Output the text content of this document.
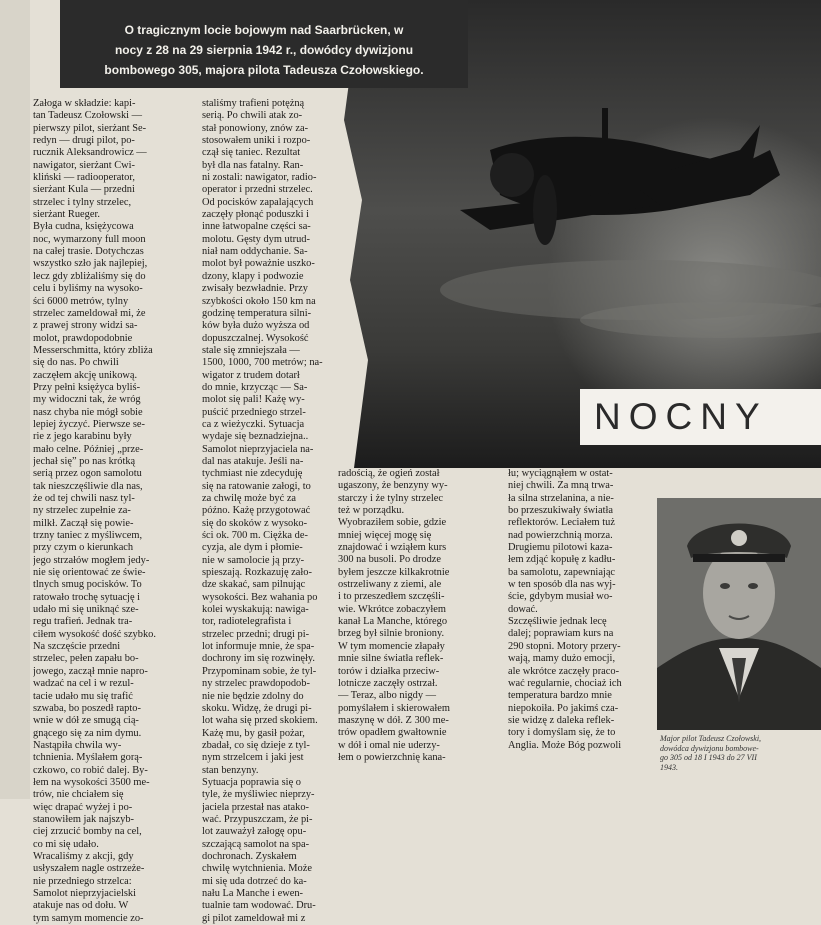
O tragicznym locie bojowym nad Saarbrücken, w
nocy z 28 na 29 sierpnia 1942 r., dowódcy dywizjonu
bombowego 305, majora pilota Tadeusza Czołowskiego.
NOCNY
Major pilot Tadeusz Czołowski,
dowódca dywizjonu bombowe-
go 305 od 18 I 1943 do 27 VII
1943.

Załoga w składzie: kapi-

tan Tadeusz Czołowski —

pierwszy pilot, sierżant Se-

redyn — drugi pilot, po-

rucznik Aleksandrowicz —

nawigator, sierżant Ćwi-

kliński — radiooperator,

sierżant Kula — przedni

strzelec i tylny strzelec,

sierżant Rueger.

Była cudna, księżycowa

noc, wymarzony full moon

na całej trasie. Dotychczas

wszystko szło jak najlepiej,

lecz gdy zbliżaliśmy się do

celu i byliśmy na wysoko-

ści 6000 metrów, tylny

strzelec zameldował mi, że

z prawej strony widzi sa-

molot, prawdopodobnie

Messerschmitta, który zbliża

się do nas. Po chwili

zaczęłem akcję unikową.

Przy pełni księżyca byliś-

my widoczni tak, że wróg

nasz chyba nie mógł sobie

lepiej życzyć. Pierwsze se-

rie z jego karabinu były

mało celne. Później „prze-

jechał się” po nas krótką

serią przez ogon samolotu

tak nieszczęśliwie dla nas,

że od tej chwili nasz tyl-

ny strzelec zupełnie za-

milkł. Zaczął się powie-

trzny taniec z myśliwcem,

przy czym o kierunkach

jego strzałów mogłem jedy-

nie się orientować ze świe-

tlnych smug pocisków. To

ratowało trochę sytuację i

udało mi się uniknąć sze-

regu trafień. Jednak tra-

ciłem wysokość dość szybko.

Na szczęście przedni

strzelec, pełen zapału bo-

jowego, zaczął mnie napro-

wadzać na cel i w rezul-

tacie udało mu się trafić

szwaba, bo poszedł rapto-

wnie w dół ze smugą cią-

gnącego się za nim dymu.

Nastąpiła chwila wy-

tchnienia. Myślałem gorą-

czkowo, co robić dalej. By-

łem na wysokości 3500 me-

trów, nie chciałem się

więc drapać wyżej i po-

stanowiłem jak najszyb-

ciej zrzucić bomby na cel,

co mi się udało.

Wracaliśmy z akcji, gdy

usłyszałem nagle ostrzeże-

nie przedniego strzelca:

Samolot nieprzyjacielski

atakuje nas od dołu. W

tym samym momencie zo-

staliśmy trafieni potężną

serią. Po chwili atak zo-

stał ponowiony, znów za-

stosowałem uniki i rozpo-

czął się taniec. Rezultat

był dla nas fatalny. Ran-

ni zostali: nawigator, radio-

operator i przedni strzelec.

Od pocisków zapalających

zaczęły płonąć poduszki i

inne łatwopalne części sa-

molotu. Gęsty dym utrud-

niał nam oddychanie. Sa-

molot był poważnie uszko-

dzony, klapy i podwozie

zwisały bezwładnie. Przy

szybkości około 150 km na

godzinę temperatura silni-

ków była dużo wyższa od

dopuszczalnej. Wysokość

stale się zmniejszała —

1500, 1000, 700 metrów; na-

wigator z trudem dotarł

do mnie, krzycząc — Sa-

molot się pali! Każę wy-

puścić przedniego strzel-

ca z wieżyczki. Sytuacja

wydaje się beznadziejna..

Samolot nieprzyjaciela na-

dal nas atakuje. Jeśli na-

tychmiast nie zdecyduję

się na ratowanie załogi, to

za chwilę może być za

późno. Każę przygotować

się do skoków z wysoko-

ści ok. 700 m. Ciężka de-

cyzja, ale dym i płomie-

nie w samolocie ją przy-

spieszają. Rozkazuję zało-

dze skakać, sam pilnując

wysokości. Bez wahania po

kolei wyskakują: nawiga-

tor, radiotelegrafista i

strzelec przedni; drugi pi-

lot informuje mnie, że spa-

dochrony im się rozwinęły.

Przypominam sobie, że tyl-

ny strzelec prawdopodob-

nie nie będzie zdolny do

skoku. Widzę, że drugi pi-

lot waha się przed skokiem.

Każę mu, by gasił pożar,

zbadał, co się dzieje z tyl-

nym strzelcem i jaki jest

stan benzyny.

Sytuacja poprawia się o

tyle, że myśliwiec nieprzy-

jaciela przestał nas atako-

wać. Przypuszczam, że pi-

lot zauważył załogę opu-

szczającą samolot na spa-

dochronach. Zyskałem

chwilę wytchnienia. Może

mi się uda dotrzeć do ka-

nału La Manche i ewen-

tualnie tam wodować. Dru-

gi pilot zameldował mi z

radością, że ogień został

ugaszony, że benzyny wy-

starczy i że tylny strzelec

też w porządku.

Wyobraziłem sobie, gdzie

mniej więcej mogę się

znajdować i wziąłem kurs

300 na busoli. Po drodze

byłem jeszcze kilkakrotnie

ostrzeliwany z ziemi, ale

i to przeszedłem szczęśli-

wie. Wkrótce zobaczyłem

kanał La Manche, którego

brzeg był silnie broniony.

W tym momencie złapały

mnie silne światła reflek-

torów i działka przeciw-

lotnicze zaczęły ostrzał.

— Teraz, albo nigdy —

pomyślałem i skierowałem

maszynę w dół. Z 300 me-

trów opadłem gwałtownie

w dół i omal nie uderzy-

łem o powierzchnię kana-

łu; wyciągnąłem w ostat-

niej chwili. Za mną trwa-

ła silna strzelanina, a nie-

bo przeszukiwały światła

reflektorów. Leciałem tuż

nad powierzchnią morza.

Drugiemu pilotowi kaza-

łem zdjąć kopułę z kadłu-

ba samolotu, zapewniając

w ten sposób dla nas wyj-

ście, gdybym musiał wo-

dować.

Szczęśliwie jednak lecę

dalej; poprawiam kurs na

290 stopni. Motory przery-

wają, mamy dużo emocji,

ale wkrótce zaczęły praco-

wać regularnie, chociaż ich

temperatura bardzo mnie

niepokoiła. Po jakimś cza-

sie widzę z daleka reflek-

tory i domyślam się, że to

Anglia. Może Bóg pozwoli
